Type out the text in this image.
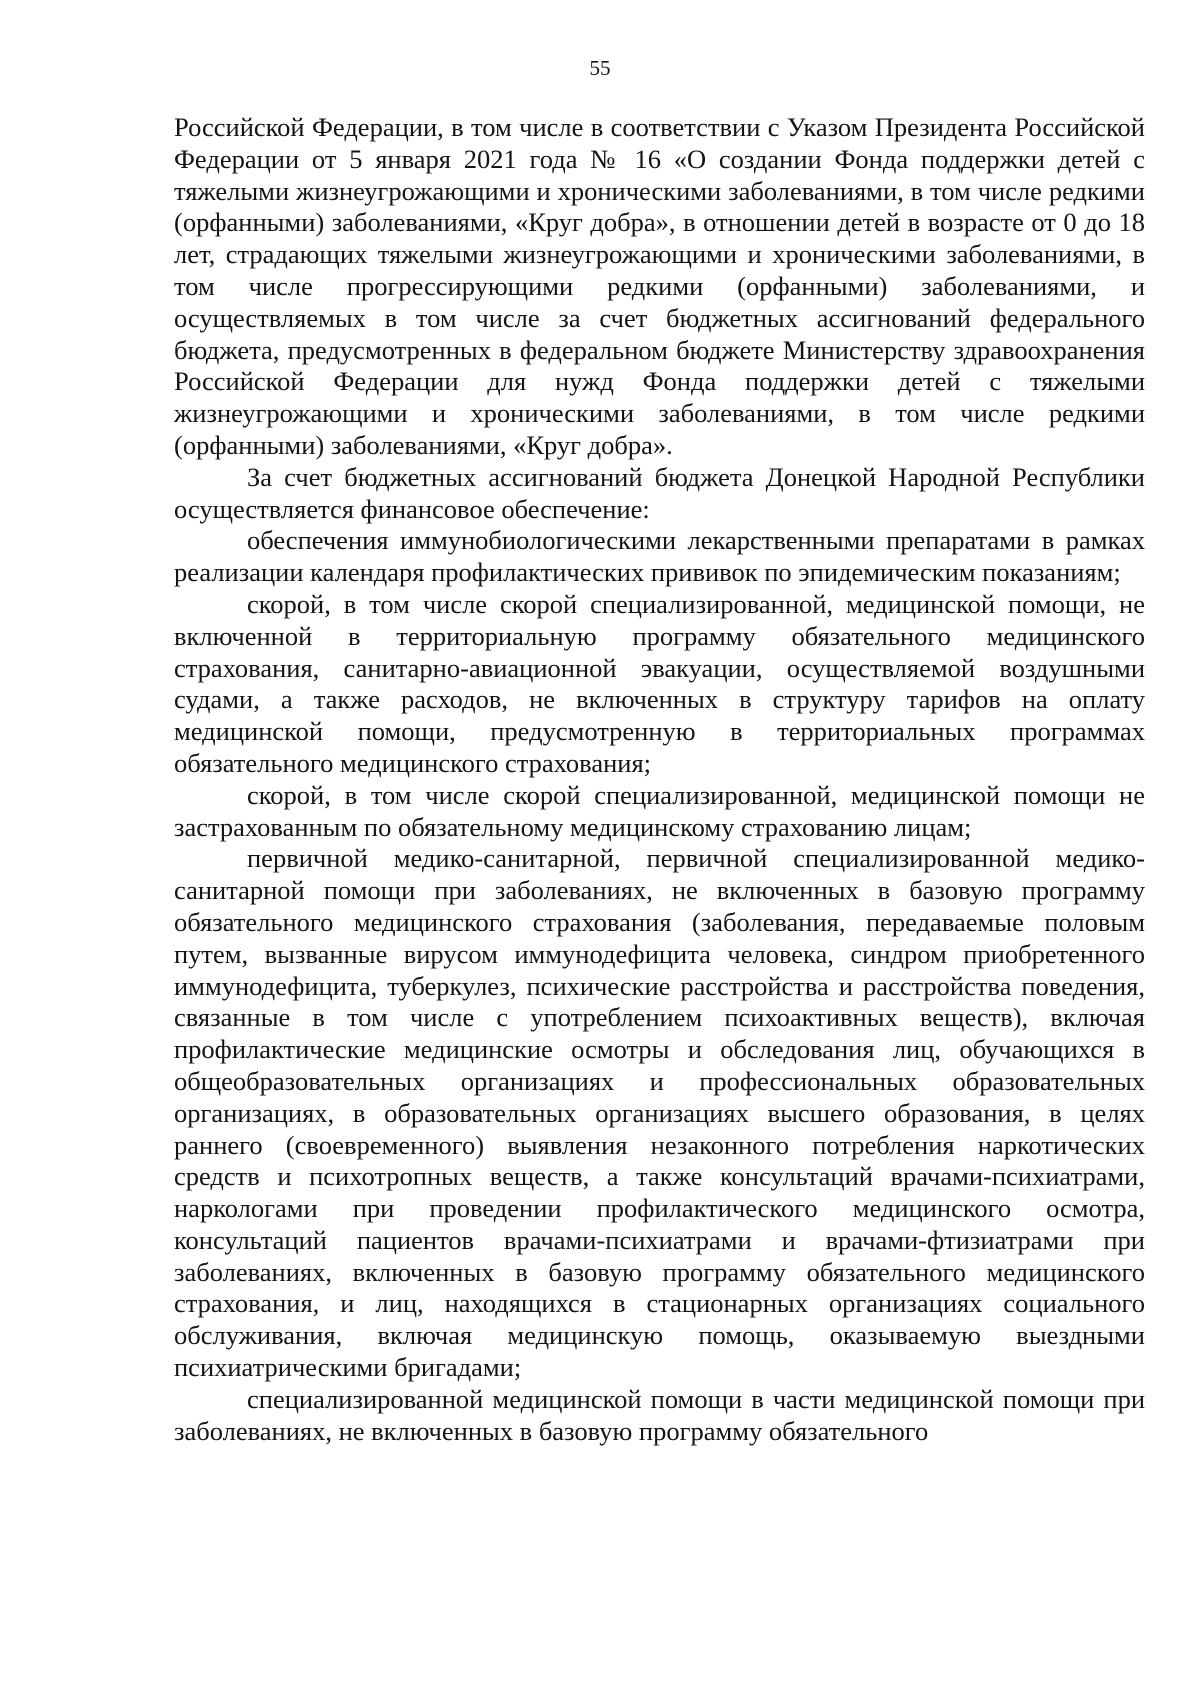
55

Российской Федерации, в том числе в соответствии с Указом Президента Российской Федерации от 5 января 2021 года № 16 «О создании Фонда поддержки детей с тяжелыми жизнеугрожающими и хроническими заболеваниями, в том числе редкими (орфанными) заболеваниями, «Круг добра», в отношении детей в возрасте от 0 до 18 лет, страдающих тяжелыми жизнеугрожающими и хроническими заболеваниями, в том числе прогрессирующими редкими (орфанными) заболеваниями, и осуществляемых в том числе за счет бюджетных ассигнований федерального бюджета, предусмотренных в федеральном бюджете Министерству здравоохранения Российской Федерации для нужд Фонда поддержки детей с тяжелыми жизнеугрожающими и хроническими заболеваниями, в том числе редкими (орфанными) заболеваниями, «Круг добра».

За счет бюджетных ассигнований бюджета Донецкой Народной Республики осуществляется финансовое обеспечение:

обеспечения иммунобиологическими лекарственными препаратами в рамках реализации календаря профилактических прививок по эпидемическим показаниям;

скорой, в том числе скорой специализированной, медицинской помощи, не включенной в территориальную программу обязательного медицинского страхования, санитарно-авиационной эвакуации, осуществляемой воздушными судами, а также расходов, не включенных в структуру тарифов на оплату медицинской помощи, предусмотренную в территориальных программах обязательного медицинского страхования;

скорой, в том числе скорой специализированной, медицинской помощи не застрахованным по обязательному медицинскому страхованию лицам;

первичной медико-санитарной, первичной специализированной медико-санитарной помощи при заболеваниях, не включенных в базовую программу обязательного медицинского страхования (заболевания, передаваемые половым путем, вызванные вирусом иммунодефицита человека, синдром приобретенного иммунодефицита, туберкулез, психические расстройства и расстройства поведения, связанные в том числе с употреблением психоактивных веществ), включая профилактические медицинские осмотры и обследования лиц, обучающихся в общеобразовательных организациях и профессиональных образовательных организациях, в образовательных организациях высшего образования, в целях раннего (своевременного) выявления незаконного потребления наркотических средств и психотропных веществ, а также консультаций врачами-психиатрами, наркологами при проведении профилактического медицинского осмотра, консультаций пациентов врачами-психиатрами и врачами-фтизиатрами при заболеваниях, включенных в базовую программу обязательного медицинского страхования, и лиц, находящихся в стационарных организациях социального обслуживания, включая медицинскую помощь, оказываемую выездными психиатрическими бригадами;

специализированной медицинской помощи в части медицинской помощи при заболеваниях, не включенных в базовую программу обязательного
